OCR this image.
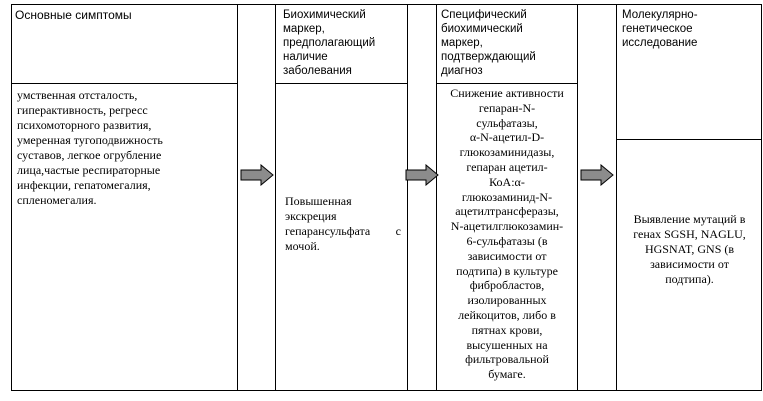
Основные симптомы	Биохимический
маркер,
предполагающий
наличие
заболевания
Специфический
биохимический
маркер,
подтверждающий
диагноз
Молекулярно-
генетическое
исследование
умственная отсталость,
гиперактивность, регресс
психомоторного развития,
умеренная тугоподвижность
суставов, легкое огрубление
лица,частые респираторные
инфекции, гепатомегалия,
спленомегалия.	Повышенная
экскреция
гепарансульфата с
мочой.
Снижение активности
гепаран-N-
сульфатазы,
α-N-ацетил-D-
глюкозаминидазы,
гепаран ацетил-
КоА:α-
глюкозаминид-N-
ацетилтрансферазы,
N-ацетилглюкозамин-
6-сульфатазы (в
зависимости от
подтипа) в культуре
фибробластов,
изолированных
лейкоцитов, либо в
пятнах крови,
высушенных на
фильтровальной
бумаге.
Выявление мутаций в
генах SGSH, NAGLU,
HGSNAT, GNS (в
зависимости от
подтипа).
